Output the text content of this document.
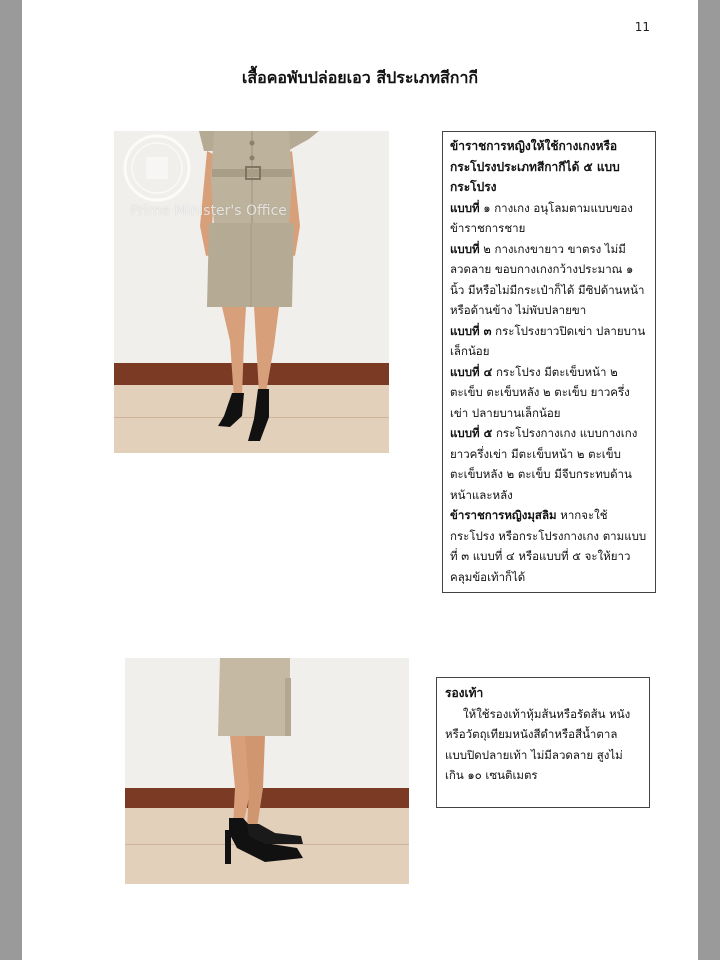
11
เสื้อคอพับปล่อยเอว สีประเภทสีกากี
Prime Minister's Office

ข้าราชการหญิงให้ใช้กางเกงหรือกระโปรงประเภทสีกากีได้ ๕ แบบ กระโปรง

แบบที่ ๑ กางเกง อนุโลมตามแบบของข้าราชการชาย

แบบที่ ๒ กางเกงขายาว ขาตรง ไม่มีลวดลาย ขอบกางเกงกว้างประมาณ ๑ นิ้ว มีหรือไม่มีกระเป๋าก็ได้ มีซิปด้านหน้าหรือด้านข้าง ไม่พับปลายขา

แบบที่ ๓ กระโปรงยาวปิดเข่า ปลายบานเล็กน้อย

แบบที่ ๔ กระโปรง มีตะเข็บหน้า ๒ ตะเข็บ ตะเข็บหลัง ๒ ตะเข็บ ยาวครึ่งเข่า ปลายบานเล็กน้อย

แบบที่ ๕ กระโปรงกางเกง แบบกางเกงยาวครึ่งเข่า มีตะเข็บหน้า ๒ ตะเข็บ ตะเข็บหลัง ๒ ตะเข็บ มีจีบกระทบด้านหน้าและหลัง

ข้าราชการหญิงมุสลิม หากจะใช้กระโปรง หรือกระโปรงกางเกง ตามแบบที่ ๓ แบบที่ ๔ หรือแบบที่ ๕ จะให้ยาวคลุมข้อเท้าก็ได้

รองเท้า

ให้ใช้รองเท้าหุ้มส้นหรือรัดส้น หนังหรือวัตถุเทียมหนังสีดำหรือสีน้ำตาล แบบปิดปลายเท้า ไม่มีลวดลาย สูงไม่เกิน ๑๐ เซนติเมตร
